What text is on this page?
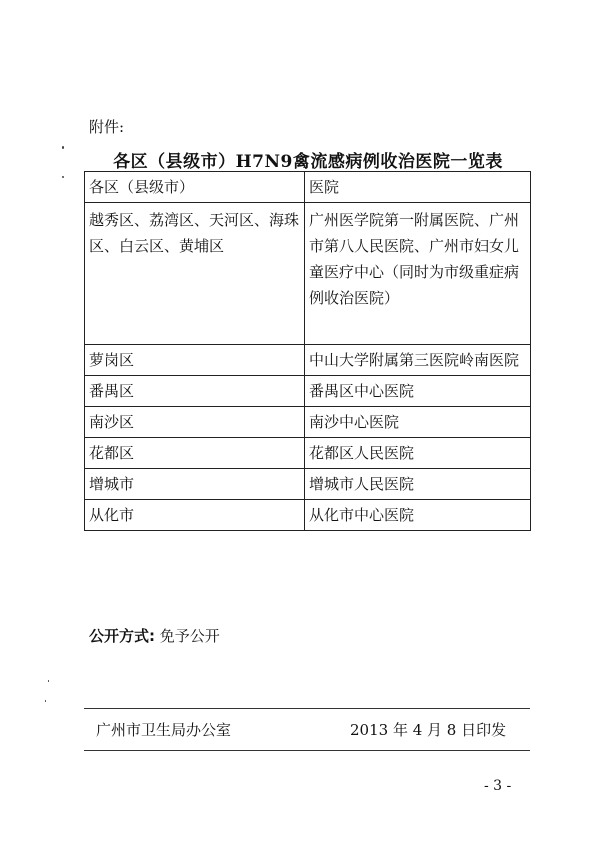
附件:
各区（县级市）H7N9禽流感病例收治医院一览表
各区（县级市）	医院
越秀区、荔湾区、天河区、海珠区、白云区、黄埔区	广州医学院第一附属医院、广州市第八人民医院、广州市妇女儿童医疗中心（同时为市级重症病例收治医院）
萝岗区	中山大学附属第三医院岭南医院
番禺区	番禺区中心医院
南沙区	南沙中心医院
花都区	花都区人民医院
增城市	增城市人民医院
从化市	从化市中心医院
公开方式: 免予公开
广州市卫生局办公室	2013 年 4 月 8 日印发
- 3 -
